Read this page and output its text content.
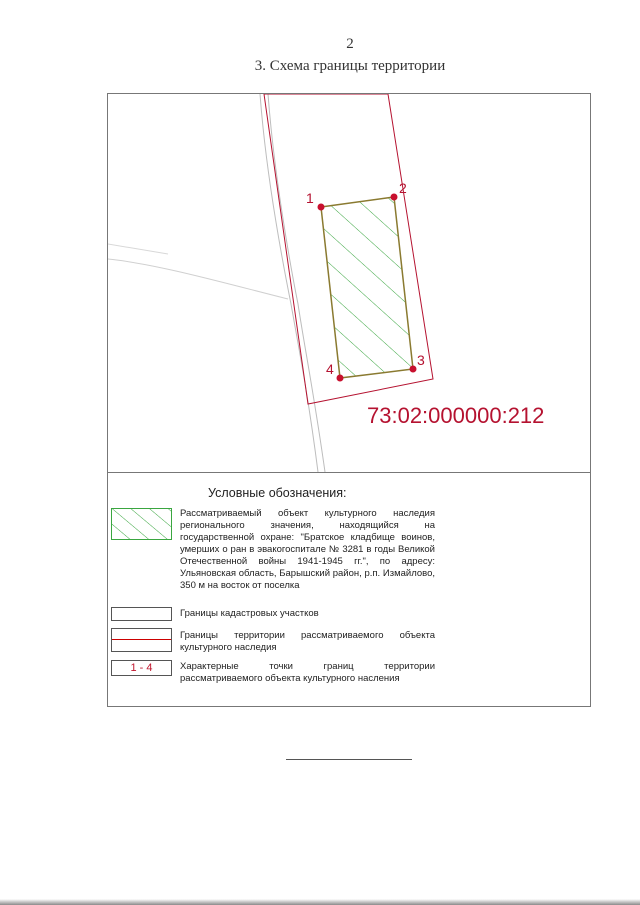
2
3. Схема границы территории
1
2
3
4
73:02:000000:212
Условные обозначения:
Рассматриваемый объект культурного наследия регионального значения, находящийся на государственной охране: "Братское кладбище воинов, умерших о ран в эвакогоспитале № 3281 в годы Великой Отечественной войны 1941-1945 гг.", по адресу: Ульяновская область, Барышский район, р.п. Измайлово, 350 м на восток от поселка
Границы кадастровых участков
Границы территории рассматриваемого объекта культурного наследия
1 - 4	Характерные точки границ территории рассматриваемого объекта культурного насления
